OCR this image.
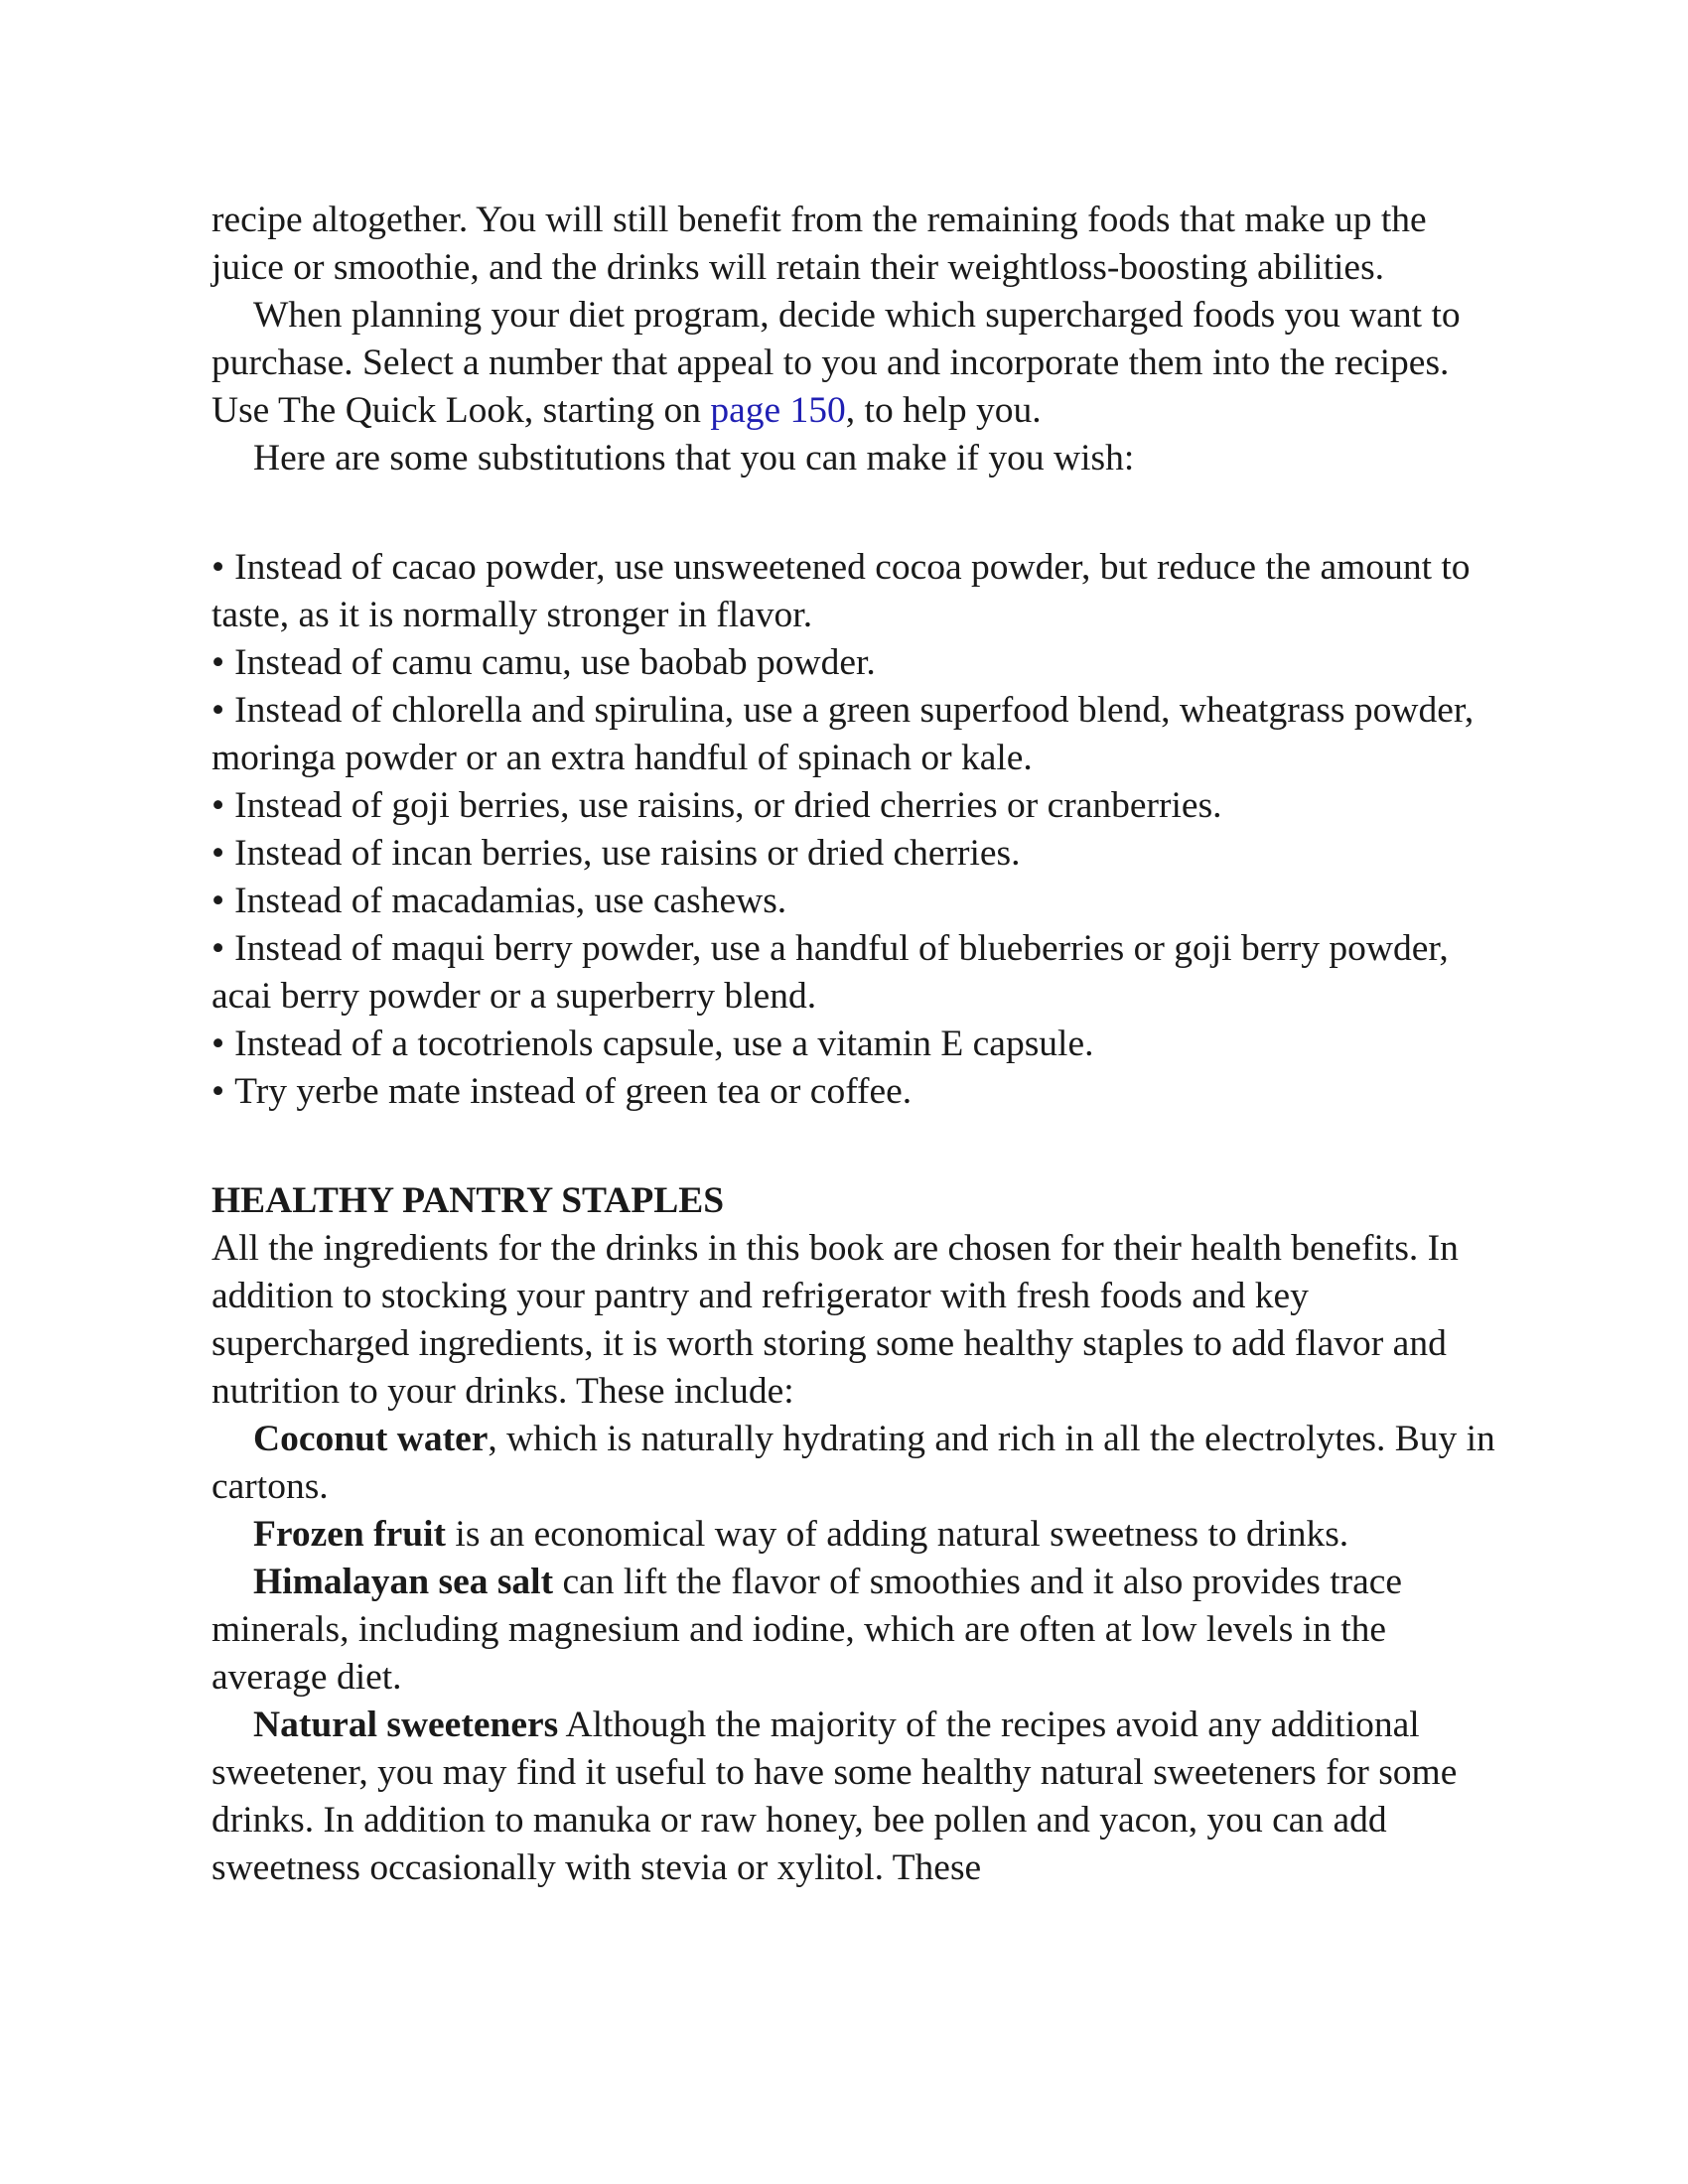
recipe altogether. You will still benefit from the remaining foods that make up the juice or smoothie, and the drinks will retain their weightloss-boosting abilities.

When planning your diet program, decide which supercharged foods you want to purchase. Select a number that appeal to you and incorporate them into the recipes. Use The Quick Look, starting on page 150, to help you.

Here are some substitutions that you can make if you wish:

• Instead of cacao powder, use unsweetened cocoa powder, but reduce the amount to taste, as it is normally stronger in flavor.
• Instead of camu camu, use baobab powder.
• Instead of chlorella and spirulina, use a green superfood blend, wheatgrass powder, moringa powder or an extra handful of spinach or kale.
• Instead of goji berries, use raisins, or dried cherries or cranberries.
• Instead of incan berries, use raisins or dried cherries.
• Instead of macadamias, use cashews.
• Instead of maqui berry powder, use a handful of blueberries or goji berry powder, acai berry powder or a superberry blend.
• Instead of a tocotrienols capsule, use a vitamin E capsule.
• Try yerbe mate instead of green tea or coffee.
HEALTHY PANTRY STAPLES

All the ingredients for the drinks in this book are chosen for their health benefits. In addition to stocking your pantry and refrigerator with fresh foods and key supercharged ingredients, it is worth storing some healthy staples to add flavor and nutrition to your drinks. These include:

Coconut water, which is naturally hydrating and rich in all the electrolytes. Buy in cartons.

Frozen fruit is an economical way of adding natural sweetness to drinks.

Himalayan sea salt can lift the flavor of smoothies and it also provides trace minerals, including magnesium and iodine, which are often at low levels in the average diet.

Natural sweeteners Although the majority of the recipes avoid any additional sweetener, you may find it useful to have some healthy natural sweeteners for some drinks. In addition to manuka or raw honey, bee pollen and yacon, you can add sweetness occasionally with stevia or xylitol. These
